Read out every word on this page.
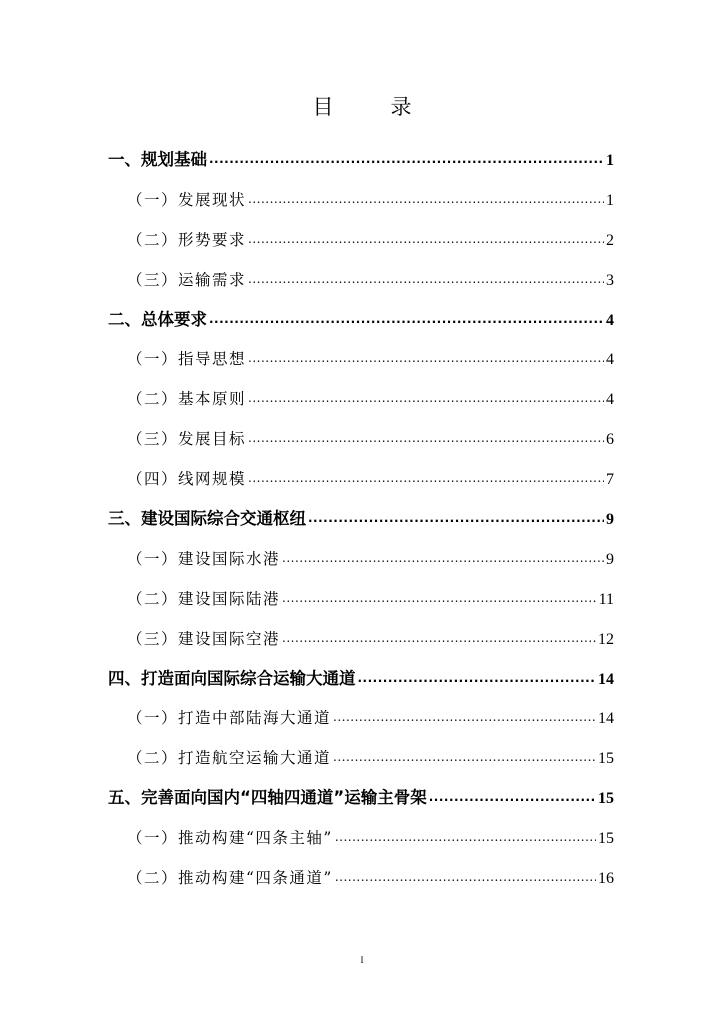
目　录
一、规划基础 .....	1
（一）发展现状 .....	1
（二）形势要求 .....	2
（三）运输需求 .....	3
二、总体要求 .....	4
（一）指导思想 .....	4
（二）基本原则 .....	4
（三）发展目标 .....	6
（四）线网规模 .....	7
三、建设国际综合交通枢纽 .....	9
（一）建设国际水港 .....	9
（二）建设国际陆港 .....	11
（三）建设国际空港 .....	12
四、打造面向国际综合运输大通道 .....	14
（一）打造中部陆海大通道 .....	14
（二）打造航空运输大通道 .....	15
五、完善面向国内“四轴四通道”运输主骨架 .....	15
（一）推动构建“四条主轴” .....	15
（二）推动构建“四条通道” .....	16
I
